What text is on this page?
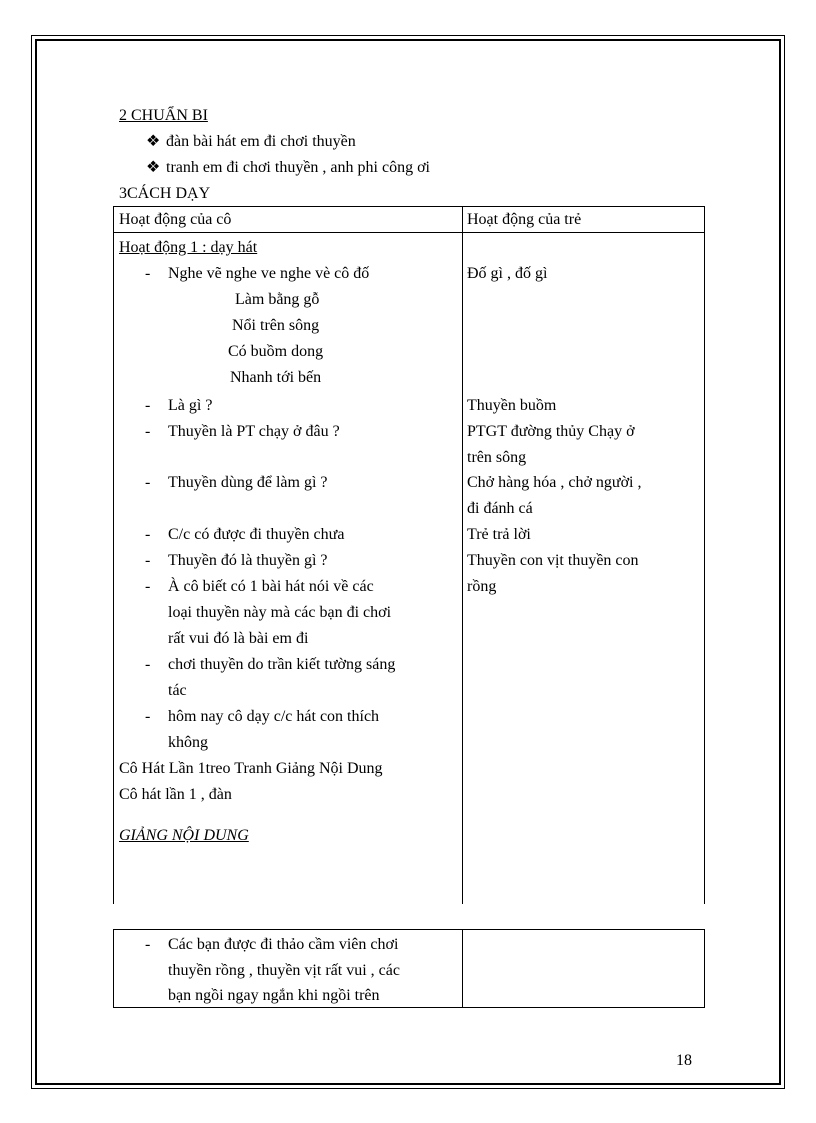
2 CHUẨN BI
❖ đàn bài hát em đi chơi thuyền
❖ tranh em đi chơi thuyền , anh phi công ơi
3CÁCH DẠY
Hoạt động của cô	Hoạt động của trẻ
Hoạt động 1 : dạy hát
- Nghe vẽ nghe ve nghe vè cô đố
Làm bằng gỗ
Nổi trên sông
Có buồm dong
Nhanh tới bến
- Là gì ?
- Thuyền là PT chạy ở đâu ?
- Thuyền dùng để làm gì ?
- C/c có được đi thuyền chưa
- Thuyền đó là thuyền gì ?
- À cô biết có 1 bài hát nói về các
loại thuyền này mà các bạn đi chơi
rất vui đó là bài em đi
- chơi thuyền do trần kiết tường sáng
tác
- hôm nay cô dạy c/c hát con thích
không
Cô Hát Lần 1treo Tranh Giảng Nội Dung
Cô hát lần 1 , đàn
GIẢNG NỘI DUNG
Đố gì , đố gì
Thuyền buồm
PTGT đường thủy Chạy ở
trên sông
Chở hàng hóa , chở người ,
đi đánh cá
Trẻ trả lời
Thuyền con vịt thuyền con
rồng
- Các bạn được đi thảo cầm viên chơi
thuyền rồng , thuyền vịt rất vui , các
bạn ngồi ngay ngắn khi ngồi trên
18
